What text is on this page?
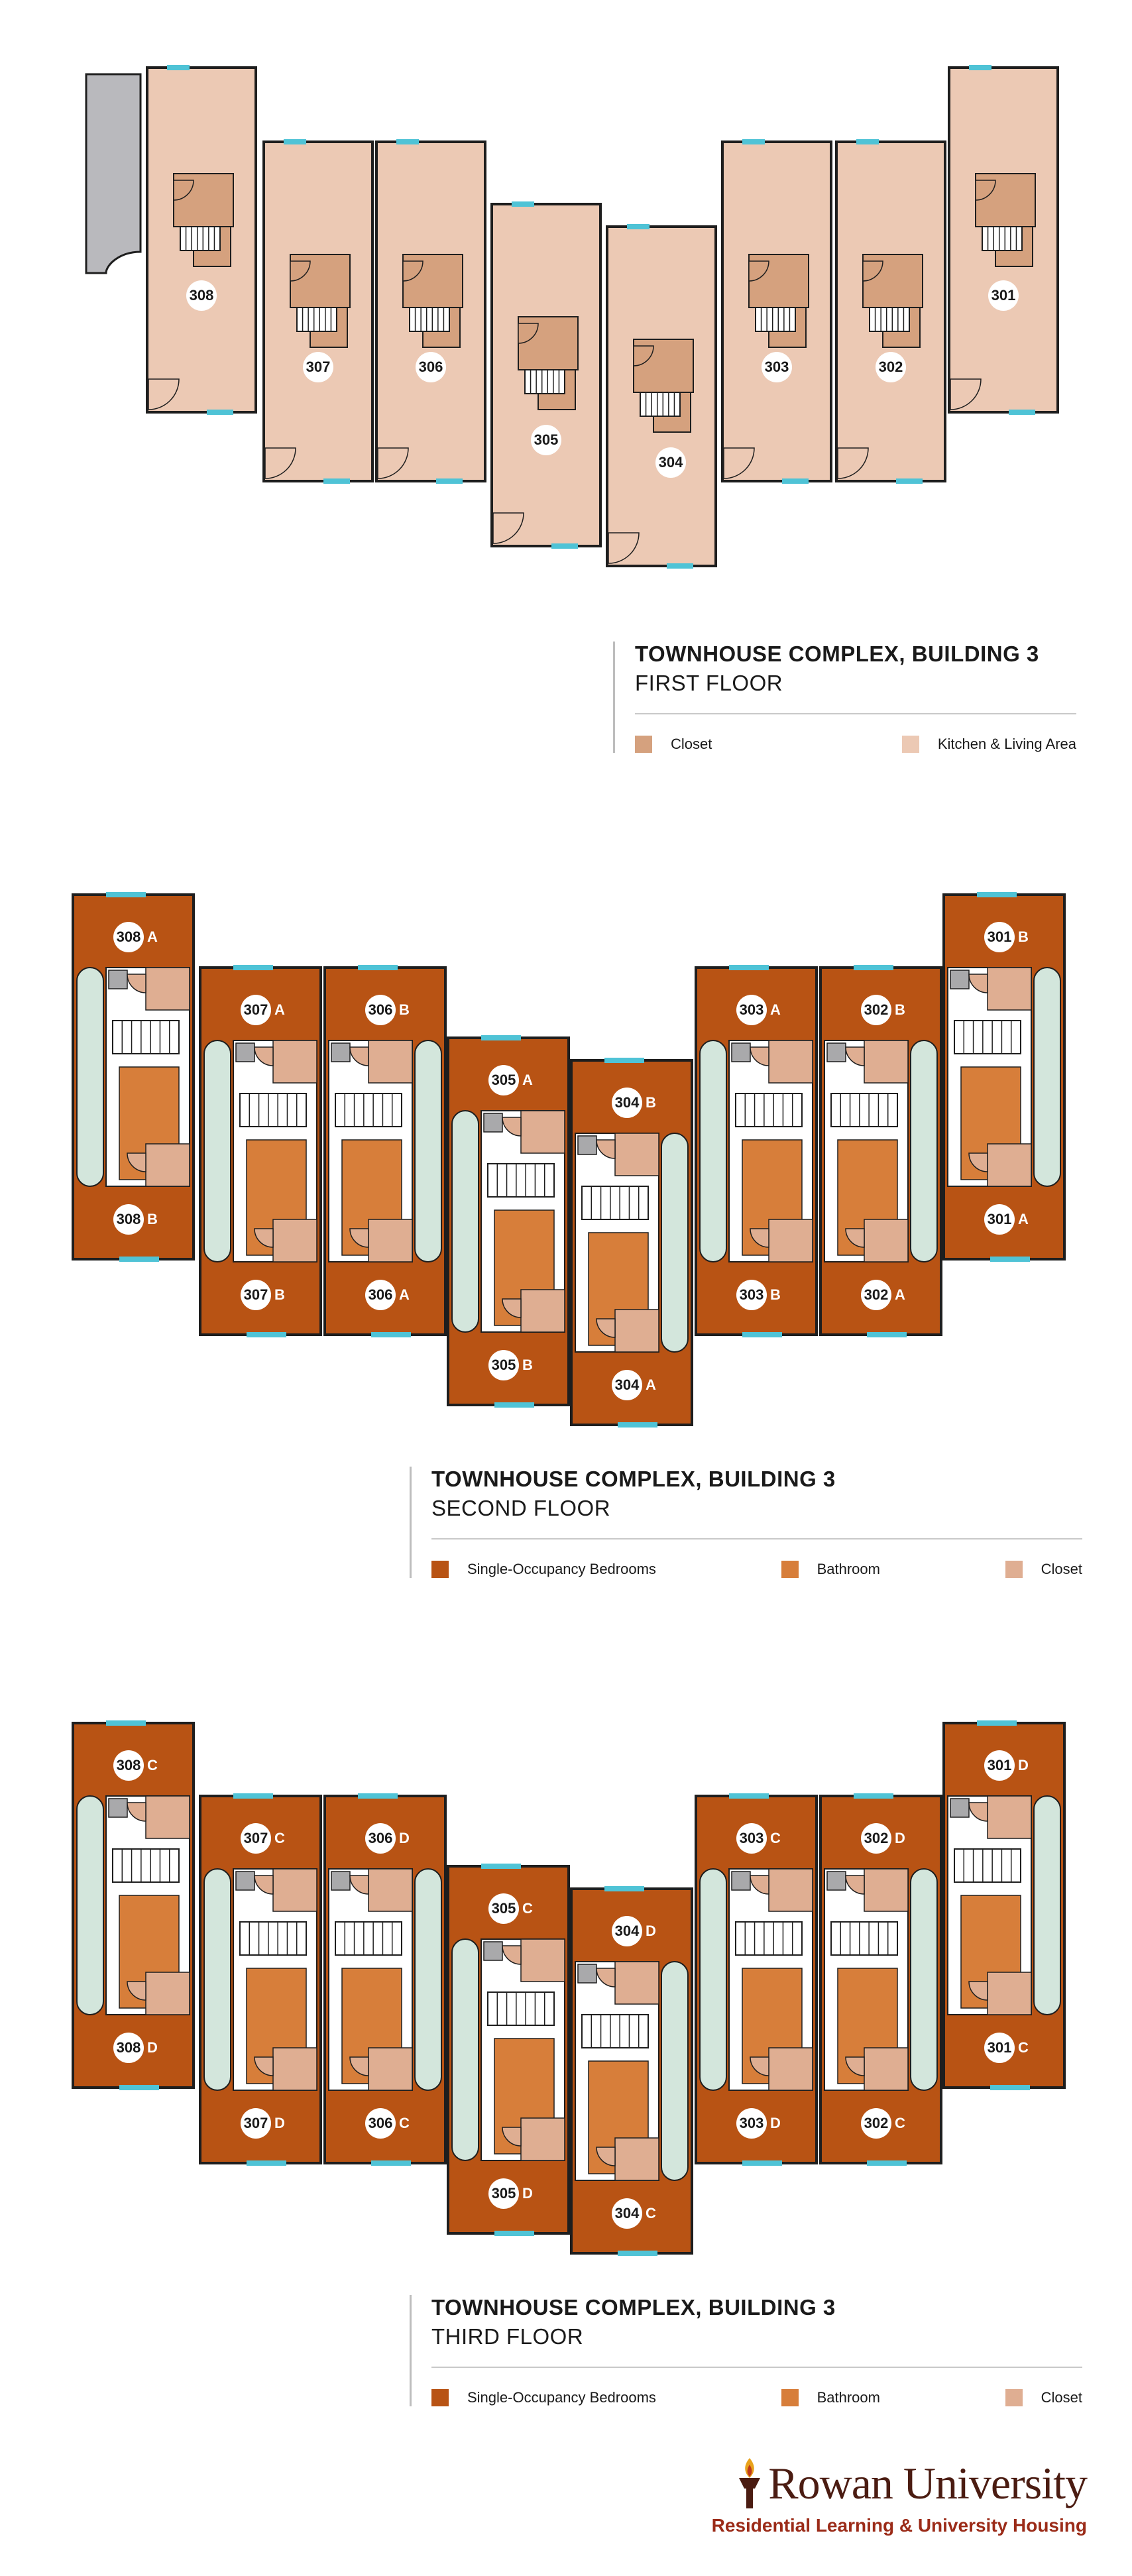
308
307	306
305
304
303	302
301
TOWNHOUSE COMPLEX, BUILDING 3
FIRST FLOOR
Closet	Kitchen & Living Area
308 A
308 B
307 A
307 B
306 B
306 A
305 A
305 B
304 B
304 A
303 A
303 B
302 B
302 A
301 B
301 A
TOWNHOUSE COMPLEX, BUILDING 3
SECOND FLOOR
Single-Occupancy Bedrooms	Bathroom	Closet
308 C
308 D
307 C
307 D
306 D
306 C
305 C
305 D
304 D
304 C
303 C
303 D
302 D
302 C
301 D
301 C
TOWNHOUSE COMPLEX, BUILDING 3
THIRD FLOOR
Single-Occupancy Bedrooms	Bathroom	Closet
Rowan University
Residential Learning & University Housing
